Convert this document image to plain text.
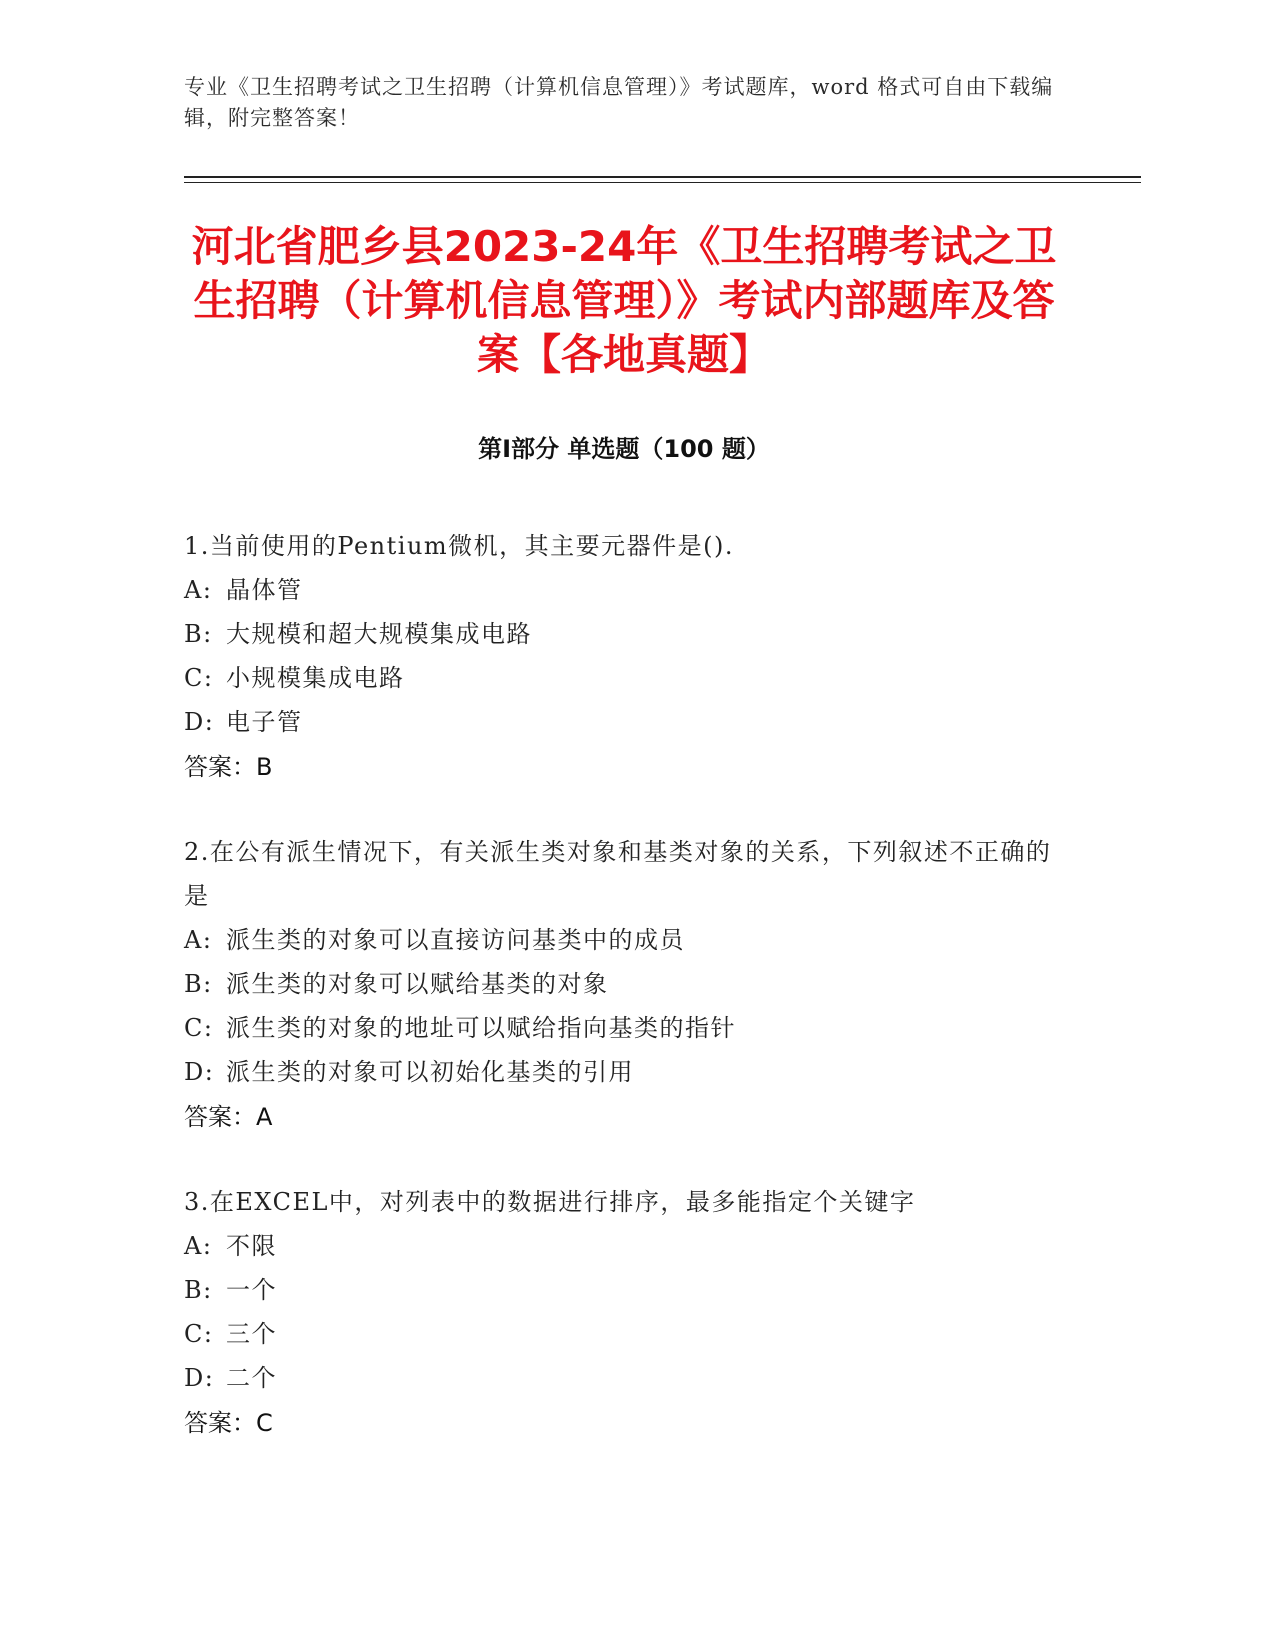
专业《卫生招聘考试之卫生招聘（计算机信息管理）》考试题库，word 格式可自由下载编辑，附完整答案！
河北省肥乡县2023-24年《卫生招聘考试之卫生招聘（计算机信息管理）》考试内部题库及答案【各地真题】
第Ⅰ部分 单选题（100 题）

1.当前使用的Pentium微机，其主要元器件是().

A: 晶体管

B: 大规模和超大规模集成电路

C: 小规模集成电路

D: 电子管

答案：B

2.在公有派生情况下，有关派生类对象和基类对象的关系，下列叙述不正确的是

A: 派生类的对象可以直接访问基类中的成员

B: 派生类的对象可以赋给基类的对象

C: 派生类的对象的地址可以赋给指向基类的指针

D: 派生类的对象可以初始化基类的引用

答案：A

3.在EXCEL中，对列表中的数据进行排序，最多能指定个关键字

A: 不限

B: 一个

C: 三个

D: 二个

答案：C
